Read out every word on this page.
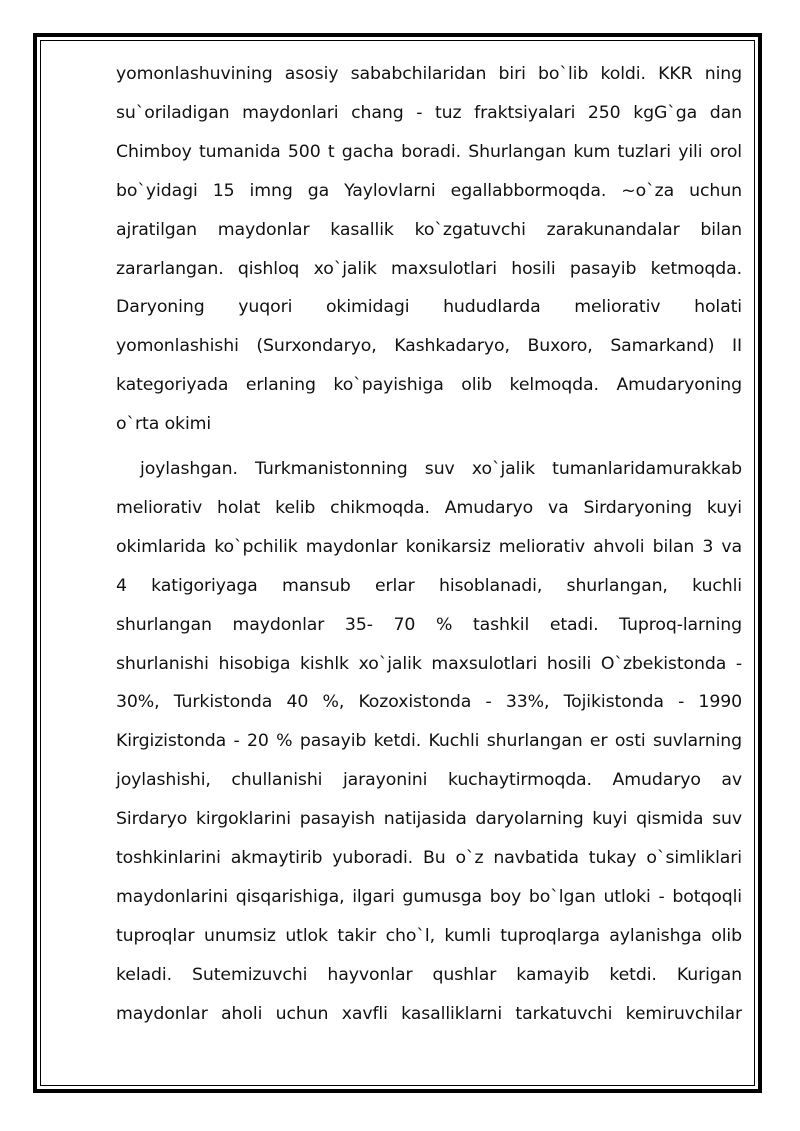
yomonlashuvining asosiy sababchilaridan biri bo`lib koldi. KKR ning
su`oriladigan maydonlari chang - tuz fraktsiyalari 250 kgG`ga dan
Chimboy tumanida 500 t gacha boradi. Shurlangan kum tuzlari yili orol
bo`yidagi 15 imng ga Yaylovlarni egallabbormoqda. ~o`za uchun
ajratilgan maydonlar kasallik ko`zgatuvchi zarakunandalar bilan
zararlangan. qishloq xo`jalik maxsulotlari hosili pasayib ketmoqda.
Daryoning yuqori okimidagi hududlarda meliorativ holati
yomonlashishi (Surxondaryo, Kashkadaryo, Buxoro, Samarkand) II
kategoriyada erlaning ko`payishiga olib kelmoqda. Amudaryoning
o`rta okimi
joylashgan. Turkmanistonning suv xo`jalik tumanlaridamurakkab
meliorativ holat kelib chikmoqda. Amudaryo va Sirdaryoning kuyi
okimlarida ko`pchilik maydonlar konikarsiz meliorativ ahvoli bilan 3 va
4 katigoriyaga mansub erlar hisoblanadi, shurlangan, kuchli
shurlangan maydonlar 35- 70 % tashkil etadi. Tuproq-larning
shurlanishi hisobiga kishlk xo`jalik maxsulotlari hosili O`zbekistonda -
30%, Turkistonda 40 %, Kozoxistonda - 33%, Tojikistonda - 1990
Kirgizistonda - 20 % pasayib ketdi. Kuchli shurlangan er osti suvlarning
joylashishi, chullanishi jarayonini kuchaytirmoqda. Amudaryo av
Sirdaryo kirgoklarini pasayish natijasida daryolarning kuyi qismida suv
toshkinlarini akmaytirib yuboradi. Bu o`z navbatida tukay o`simliklari
maydonlarini qisqarishiga, ilgari gumusga boy bo`lgan utloki - botqoqli
tuproqlar unumsiz utlok takir cho`l, kumli tuproqlarga aylanishga olib
keladi. Sutemizuvchi hayvonlar qushlar kamayib ketdi. Kurigan
maydonlar aholi uchun xavfli kasalliklarni tarkatuvchi kemiruvchilar
